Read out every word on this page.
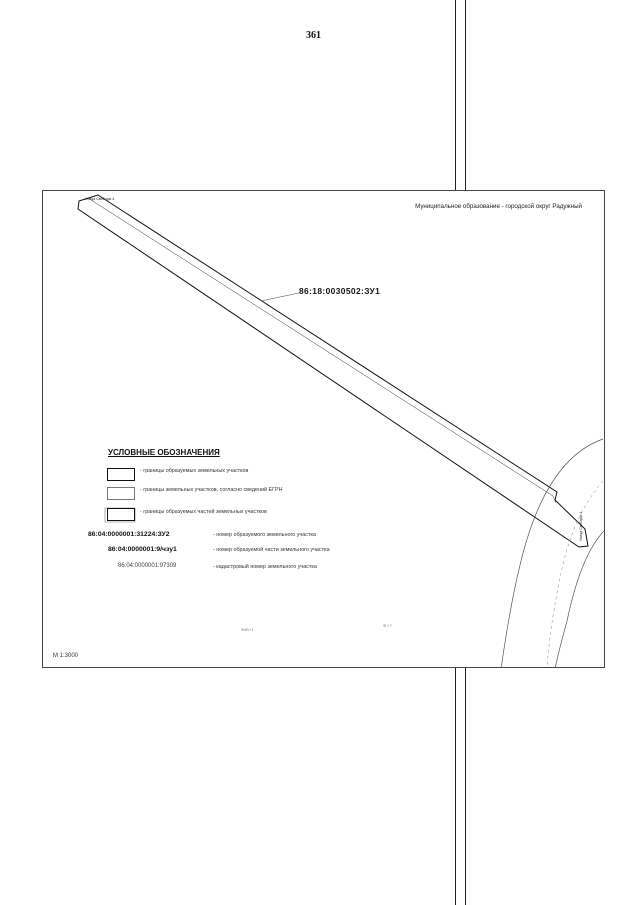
361
Муниципальное образование - городской округ Радужный
Улица Свободы 4
Улица Свободы 4
86:18:0030502:ЗУ1
УСЛОВНЫЕ ОБОЗНАЧЕНИЯ
- границы образуемых земельных участков
- границы земельных участков, согласно сведений ЕГРН
- границы образуемых частей земельных участков
86:04:0000001:31224:ЗУ2	- номер образуемого земельного участка
86:04:0000001:9/чзу1	- номер образуемой части земельного участка
86:04:0000001:97309	- кадастровый номер земельного участка
Ф4Б+1
Ф.+7
М 1:3000
